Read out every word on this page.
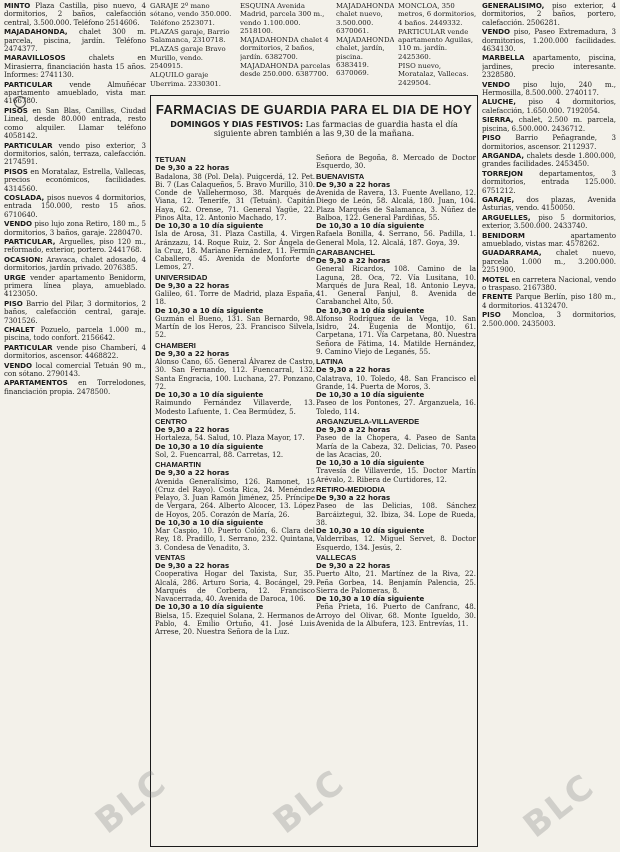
MINTO Plaza Castilla, piso nuevo, 4 dormitorios, 2 baños, calefacción central, 3.500.000. Teléfono 2514606.

MAJADAHONDA, chalet 300 m. parcela, piscina, jardín. Teléfono 2474377.

MARAVILLOSOS chalets en Mirasierra, financiación hasta 15 años. Informes: 2741130.

PARTICULAR vende Almuñécar apartamento amueblado, vista mar. 4166780.

PISOS en San Blas, Canillas, Ciudad Lineal, desde 80.000 entrada, resto como alquiler. Llamar teléfono 4058142.

PARTICULAR vendo piso exterior, 3 dormitorios, salón, terraza, calefacción. 2174591.

PISOS en Moratalaz, Estrella, Vallecas, precios económicos, facilidades. 4314560.

COSLADA, pisos nuevos 4 dormitorios, entrada 150.000, resto 15 años. 6710640.

VENDO piso lujo zona Retiro, 180 m., 5 dormitorios, 3 baños, garaje. 2280470.

PARTICULAR, Arguelles, piso 120 m., reformado, exterior, portero. 2441768.

OCASION: Aravaca, chalet adosado, 4 dormitorios, jardín privado. 2076385.

URGE vender apartamento Benidorm, primera línea playa, amueblado. 4123050.

PISO Barrio del Pilar, 3 dormitorios, 2 baños, calefacción central, garaje. 7301526.

CHALET Pozuelo, parcela 1.000 m., piscina, todo confort. 2156642.

PARTICULAR vende piso Chamberí, 4 dormitorios, ascensor. 4468822.

VENDO local comercial Tetuán 90 m., con sótano. 2790143.

APARTAMENTOS en Torrelodones, financiación propia. 2478500.

GARAJE 2º mano sótano, vendo 350.000. Teléfono 2523071.

PLAZAS garaje, Barrio Salamanca, 2310718.

PLAZAS garaje Bravo Murillo, vendo. 2540915.

ALQUILO garaje Uberrima. 2330301.

ESQUINA Avenida Madrid, parcela 300 m., vendo 1.100.000. 2518100.

MAJADAHONDA chalet 4 dormitorios, 2 baños, jardín. 6382700.

MAJADAHONDA parcelas desde 250.000. 6387700.

MAJADAHONDA chalet nuevo, 3.500.000. 6370061.

MAJADAHONDA chalet, jardín, piscina. 6383419. 6370069.

MONCLOA, 350 metros, 6 dormitorios, 4 baños. 2449332.

PARTICULAR vende apartamento Aguilas, 110 m. jardín. 2425360.

PISO nuevo, Moratalaz, Vallecas. 2429504.

FARMACIAS DE GUARDIA PARA EL DIA DE HOY
DOMINGOS Y DIAS FESTIVOS: Las farmacias de guardia hasta el día siguiente abren también a las 9,30 de la mañana.
TETUAN
De 9,30 a 22 horas

Badalona, 38 (Pol. Dela). Puigcerdá, 12. Pet. Bi. 7 (Las Calaqueños, 5. Bravo Murillo, 310. Conde de Vallehermoso, 38. Marqués de Viana, 12. Tenerife, 31 (Tetuán). Capitán Haya, 62. Orense, 71. General Yagüe, 22. Pinos Alta, 12. Antonio Machado, 17.

De 10,30 a 10 día siguiente

Isla de Arosa, 31. Plaza Castilla, 4. Virgen Aránzazu, 14. Roque Ruiz, 2. Sor Ángela de la Cruz, 18. Mariano Fernández, 11. Fermín Caballero, 45. Avenida de Monforte de Lemos, 27.

UNIVERSIDAD
De 9,30 a 22 horas

Galileo, 61. Torre de Madrid, plaza España, 18.

De 10,30 a 10 día siguiente

Guzmán el Bueno, 131. San Bernardo, 98. Martín de los Heros, 23. Francisco Silvela, 52.

CHAMBERI
De 9,30 a 22 horas

Alonso Cano, 65. General Álvarez de Castro, 30. San Fernando, 112. Fuencarral, 132. Santa Engracia, 100. Luchana, 27. Ponzano, 72.

De 10,30 a 10 día siguiente

Raimundo Fernández Villaverde, 13. Modesto Lafuente, 1. Cea Bermúdez, 5.

CENTRO
De 9,30 a 22 horas

Hortaleza, 54. Salud, 10. Plaza Mayor, 17.

De 10,30 a 10 día siguiente

Sol, 2. Fuencarral, 88. Carretas, 12.

CHAMARTIN
De 9,30 a 22 horas

Avenida Generalísimo, 126. Ramonet, 15 (Cruz del Rayo). Costa Rica, 24. Menéndez Pelayo, 3. Juan Ramón Jiménez, 25. Príncipe de Vergara, 264. Alberto Alcocer, 13. López de Hoyos, 205. Corazón de María, 26.

De 10,30 a 10 día siguiente

Mar Caspio, 10. Puerto Colón, 6. Clara del Rey, 18. Pradillo, 1. Serrano, 232. Quintana, 3. Condesa de Venadito, 3.

VENTAS
De 9,30 a 22 horas

Cooperativa Hogar del Taxista, Sur, 35. Alcalá, 286. Arturo Soria, 4. Bocángel, 29. Marqués de Corbera, 12. Francisco Navacerrada, 40. Avenida de Daroca, 106.

De 10,30 a 10 día siguiente

Bielsa, 15. Ezequiel Solana, 2. Hermanos de Pablo, 4. Emilio Ortuño, 41. José Luis Arrese, 20. Nuestra Señora de la Luz.

Señora de Begoña, 8. Mercado de Doctor Esquerdo, 30.

BUENAVISTA
De 9,30 a 22 horas

Avenida de Ravera, 13. Fuente Avellano, 12. Diego de León, 58. Alcalá, 180. Juan, 104. Plaza Marqués de Salamanca, 3. Núñez de Balboa, 122. General Pardiñas, 55.

De 10,30 a 10 día siguiente

Rafaela Bonilla, 4. Serrano, 56. Padilla, 1. General Mola, 12. Alcalá, 187. Goya, 39.

CARABANCHEL
De 9,30 a 22 horas

General Ricardos, 108. Camino de la Laguna, 28. Oca, 72. Vía Lusitana, 10. Marqués de Jura Real, 18. Antonio Leyva, 41. General Fanjul, 8. Avenida de Carabanchel Alto, 50.

De 10,30 a 10 día siguiente

Alfonso Rodríguez de la Vega, 10. San Isidro, 24. Eugenia de Montijo, 61. Carpetana, 171. Vía Carpetana, 80. Nuestra Señora de Fátima, 14. Matilde Hernández, 9. Camino Viejo de Leganés, 55.

LATINA
De 9,30 a 22 horas

Calatrava, 10. Toledo, 48. San Francisco el Grande, 14. Puerta de Moros, 3.

De 10,30 a 10 día siguiente

Paseo de los Pontones, 27. Arganzuela, 16. Toledo, 114.

ARGANZUELA-VILLAVERDE
De 9,30 a 22 horas

Paseo de la Chopera, 4. Paseo de Santa María de la Cabeza, 32. Delicias, 70. Paseo de las Acacias, 20.

De 10,30 a 10 día siguiente

Travesía de Villaverde, 15. Doctor Martín Arévalo, 2. Ribera de Curtidores, 12.

RETIRO-MEDIODIA
De 9,30 a 22 horas

Paseo de las Delicias, 108. Sánchez Barcáiztegui, 32. Ibiza, 34. Lope de Rueda, 38.

De 10,30 a 10 día siguiente

Valderribas, 12. Miguel Servet, 8. Doctor Esquerdo, 134. Jesús, 2.

VALLECAS
De 9,30 a 22 horas

Puerto Alto, 21. Martínez de la Riva, 22. Peña Gorbea, 14. Benjamín Palencia, 25. Sierra de Palomeras, 8.

De 10,30 a 10 día siguiente

Peña Prieta, 16. Puerto de Canfranc, 48. Arroyo del Olivar, 68. Monte Igueldo, 30. Avenida de la Albufera, 123. Entrevías, 11.

GENERALISIMO, piso exterior, 4 dormitorios, 2 baños, portero, calefacción. 2506281.

VENDO piso, Paseo Extremadura, 3 dormitorios, 1.200.000 facilidades. 4634130.

MARBELLA apartamento, piscina, jardines, precio interesante. 2328580.

VENDO piso lujo, 240 m., Hermosilla, 8.500.000. 2740117.

ALUCHE, piso 4 dormitorios, calefacción, 1.650.000. 7192054.

SIERRA, chalet, 2.500 m. parcela, piscina, 6.500.000. 2436712.

PISO Barrio Peñagrande, 3 dormitorios, ascensor. 2112937.

ARGANDA, chalets desde 1.800.000, grandes facilidades. 2453450.

TORREJON departamentos, 3 dormitorios, entrada 125.000. 6751212.

GARAJE, dos plazas, Avenida Asturias, vendo. 4150050.

ARGUELLES, piso 5 dormitorios, exterior, 3.500.000. 2433740.

BENIDORM apartamento amueblado, vistas mar. 4578262.

GUADARRAMA, chalet nuevo, parcela 1.000 m., 3.200.000. 2251900.

MOTEL en carretera Nacional, vendo o traspaso. 2167380.

FRENTE Parque Berlín, piso 180 m., 4 dormitorios. 4132470.

PISO Moncloa, 3 dormitorios, 2.500.000. 2435003.

BLC	BLC	BLC
